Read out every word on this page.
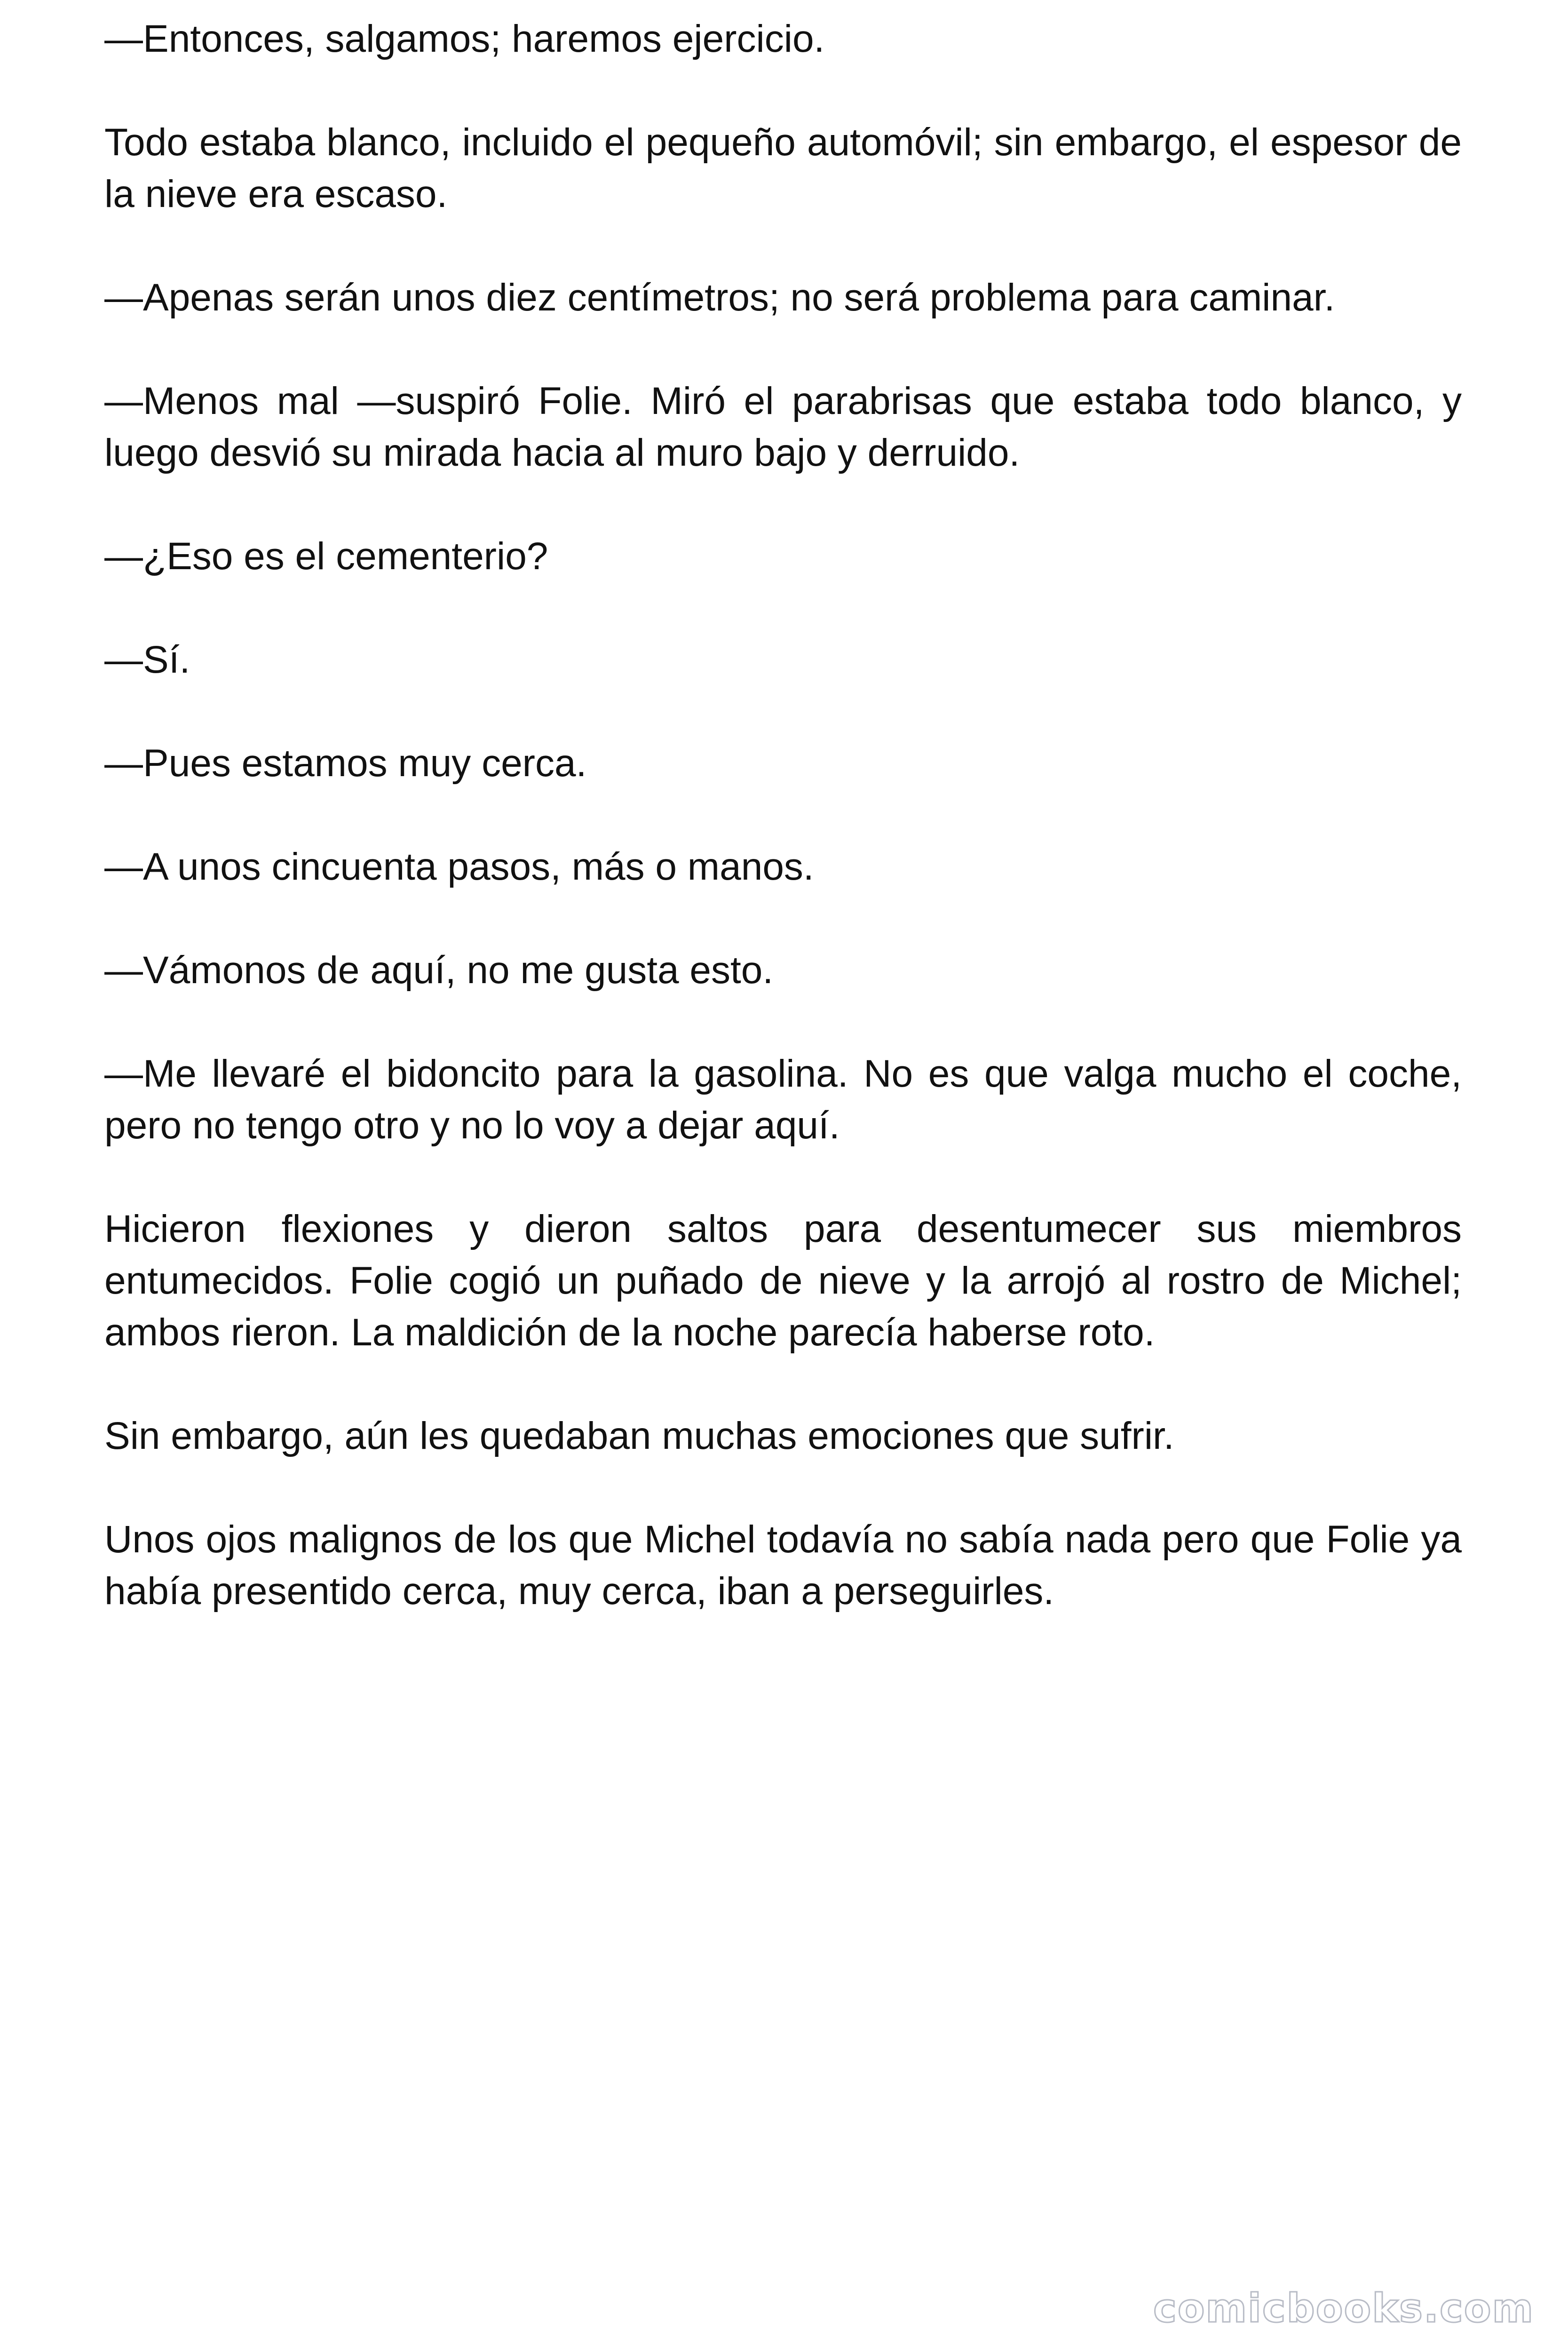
—Entonces, salgamos; haremos ejercicio.

Todo estaba blanco, incluido el pequeño automóvil; sin embargo, el espesor de la nieve era escaso.

—Apenas serán unos diez centímetros; no será problema para caminar.

—Menos mal —suspiró Folie. Miró el parabrisas que estaba todo blanco, y luego desvió su mirada hacia al muro bajo y derruido.

—¿Eso es el cementerio?

—Sí.

—Pues estamos muy cerca.

—A unos cincuenta pasos, más o manos.

—Vámonos de aquí, no me gusta esto.

—Me llevaré el bidoncito para la gasolina. No es que valga mucho el coche, pero no tengo otro y no lo voy a dejar aquí.

Hicieron flexiones y dieron saltos para desentumecer sus miembros entumecidos. Folie cogió un puñado de nieve y la arrojó al rostro de Michel; ambos rieron. La maldición de la noche parecía haberse roto.

Sin embargo, aún les quedaban muchas emociones que sufrir.

Unos ojos malignos de los que Michel todavía no sabía nada pero que Folie ya había presentido cerca, muy cerca, iban a perseguirles.

comicbooks.com
